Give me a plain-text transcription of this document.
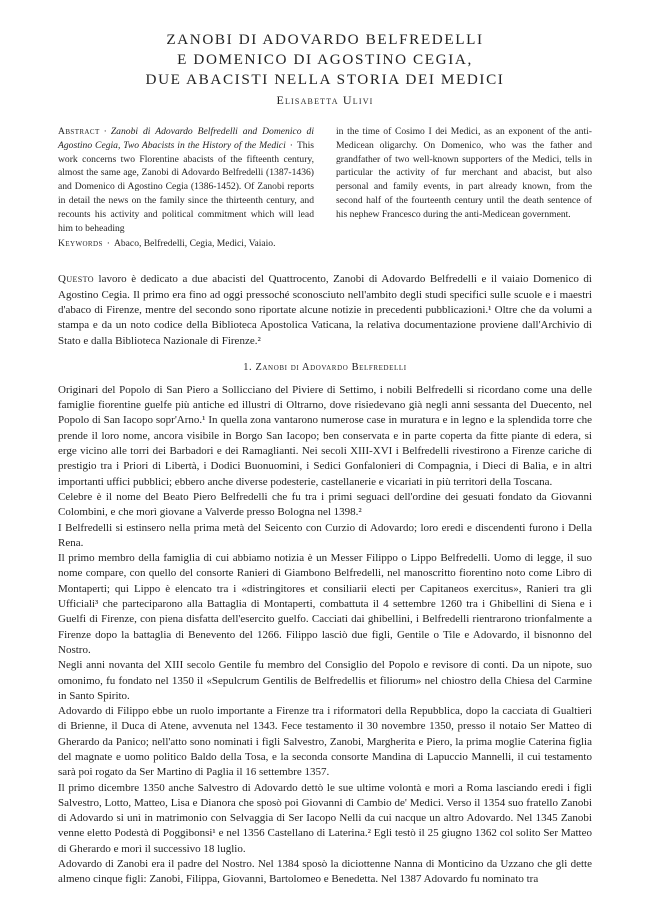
ZANOBI DI ADOVARDO BELFREDELLI
E DOMENICO DI AGOSTINO CEGIA,
DUE ABACISTI NELLA STORIA DEI MEDICI
Elisabetta Ulivi
Abstract · Zanobi di Adovardo Belfredelli and Domenico di Agostino Cegia, Two Abacists in the History of the Medici · This work concerns two Florentine abacists of the fifteenth century, almost the same age, Zanobi di Adovardo Belfredelli (1387-1436) and Domenico di Agostino Cegia (1386-1452). Of Zanobi reports in detail the news on the family since the thirteenth century, and recounts his activity and political commitment which will lead him to beheading
in the time of Cosimo I dei Medici, as an exponent of the anti-Medicean oligarchy. On Domenico, who was the father and grandfather of two well-known supporters of the Medici, tells in particular the activity of fur merchant and abacist, but also personal and family events, in part already known, from the second half of the fourteenth century until the death sentence of his nephew Francesco during the anti-Medicean government.
Keywords · Abaco, Belfredelli, Cegia, Medici, Vaiaio.
Questo lavoro è dedicato a due abacisti del Quattrocento, Zanobi di Adovardo Belfredelli e il vaiaio Domenico di Agostino Cegia. Il primo era fino ad oggi pressoché sconosciuto nell'ambito degli studi specifici sulle scuole e i maestri d'abaco di Firenze, mentre del secondo sono riportate alcune notizie in precedenti pubblicazioni.¹ Oltre che da volumi a stampa e da un noto codice della Biblioteca Apostolica Vaticana, la relativa documentazione proviene dall'Archivio di Stato e dalla Biblioteca Nazionale di Firenze.²
1. Zanobi di Adovardo Belfredelli

Originari del Popolo di San Piero a Sollicciano del Piviere di Settimo, i nobili Belfredelli si ricordano come una delle famiglie fiorentine guelfe più antiche ed illustri di Oltrarno, dove risiedevano già negli anni sessanta del Duecento, nel Popolo di San Iacopo sopr'Arno.¹ In quella zona vantarono numerose case in muratura e in legno e la splendida torre che prende il loro nome, ancora visibile in Borgo San Iacopo; ben conservata e in parte coperta da fitte piante di edera, si erge vicino alle torri dei Barbadori e dei Ramaglianti. Nei secoli XIII-XVI i Belfredelli rivestirono a Firenze cariche di prestigio tra i Priori di Libertà, i Dodici Buonuomini, i Sedici Gonfalonieri di Compagnia, i Dieci di Balìa, e in altri importanti uffici pubblici; ebbero anche diverse podesterie, castellanerie e vicariati in più territori della Toscana.

Celebre è il nome del Beato Piero Belfredelli che fu tra i primi seguaci dell'ordine dei gesuati fondato da Giovanni Colombini, e che morì giovane a Valverde presso Bologna nel 1398.²

I Belfredelli si estinsero nella prima metà del Seicento con Curzio di Adovardo; loro eredi e discendenti furono i Della Rena.

Il primo membro della famiglia di cui abbiamo notizia è un Messer Filippo o Lippo Belfredelli. Uomo di legge, il suo nome compare, con quello del consorte Ranieri di Giambono Belfredelli, nel manoscritto fiorentino noto come Libro di Montaperti; qui Lippo è elencato tra i «distringitores et consiliarii electi per Capitaneos exercitus», Ranieri tra gli Ufficiali³ che parteciparono alla Battaglia di Montaperti, combattuta il 4 settembre 1260 tra i Ghibellini di Siena e i Guelfi di Firenze, con piena disfatta dell'esercito guelfo. Cacciati dai ghibellini, i Belfredelli rientrarono trionfalmente a Firenze dopo la battaglia di Benevento del 1266. Filippo lasciò due figli, Gentile o Tile e Adovardo, il bisnonno del Nostro.

Negli anni novanta del XIII secolo Gentile fu membro del Consiglio del Popolo e revisore di conti. Da un nipote, suo omonimo, fu fondato nel 1350 il «Sepulcrum Gentilis de Belfredellis et filiorum» nel chiostro della Chiesa del Carmine in Santo Spirito.

Adovardo di Filippo ebbe un ruolo importante a Firenze tra i riformatori della Repubblica, dopo la cacciata di Gualtieri di Brienne, il Duca di Atene, avvenuta nel 1343. Fece testamento il 30 novembre 1350, presso il notaio Ser Matteo di Gherardo da Panico; nell'atto sono nominati i figli Salvestro, Zanobi, Margherita e Piero, la prima moglie Caterina figlia del magnate e uomo politico Baldo della Tosa, e la seconda consorte Mandina di Lapuccio Mannelli, il cui testamento sarà poi rogato da Ser Martino di Paglia il 16 settembre 1357.

Il primo dicembre 1350 anche Salvestro di Adovardo dettò le sue ultime volontà e morì a Roma lasciando eredi i figli Salvestro, Lotto, Matteo, Lisa e Dianora che sposò poi Giovanni di Cambio de' Medici. Verso il 1354 suo fratello Zanobi di Adovardo si unì in matrimonio con Selvaggia di Ser Iacopo Nelli da cui nacque un altro Adovardo. Nel 1345 Zanobi venne eletto Podestà di Poggibonsi¹ e nel 1356 Castellano di Laterina.² Egli testò il 25 giugno 1362 col solito Ser Matteo di Gherardo e morì il successivo 18 luglio.

Adovardo di Zanobi era il padre del Nostro. Nel 1384 sposò la diciottenne Nanna di Monticino da Uzzano che gli dette almeno cinque figli: Zanobi, Filippa, Giovanni, Bartolomeo e Benedetta. Nel 1387 Adovardo fu nominato tra
